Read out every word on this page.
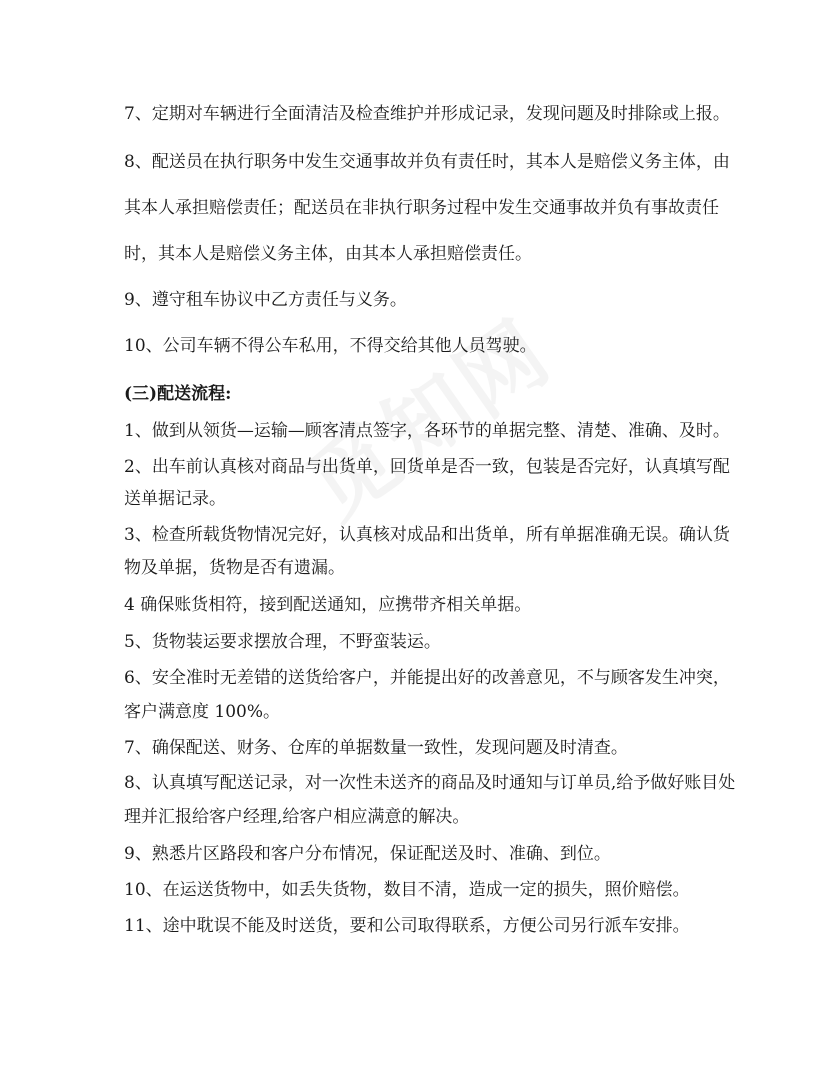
7、定期对车辆进行全面清洁及检查维护并形成记录，发现问题及时排除或上报。

8、配送员在执行职务中发生交通事故并负有责任时，其本人是赔偿义务主体，由

其本人承担赔偿责任；配送员在非执行职务过程中发生交通事故并负有事故责任

时，其本人是赔偿义务主体，由其本人承担赔偿责任。

9、遵守租车协议中乙方责任与义务。

10、公司车辆不得公车私用，不得交给其他人员驾驶。

(三)配送流程:

1、做到从领货—运输—顾客清点签字，各环节的单据完整、清楚、准确、及时。

2、出车前认真核对商品与出货单，回货单是否一致，包装是否完好，认真填写配

送单据记录。

3、检查所载货物情况完好，认真核对成品和出货单，所有单据准确无误。确认货

物及单据，货物是否有遗漏。

4 确保账货相符，接到配送通知，应携带齐相关单据。

5、货物装运要求摆放合理，不野蛮装运。

6、安全准时无差错的送货给客户，并能提出好的改善意见，不与顾客发生冲突，

客户满意度 100%。

7、确保配送、财务、仓库的单据数量一致性，发现问题及时清查。

8、认真填写配送记录，对一次性未送齐的商品及时通知与订单员,给予做好账目处

理并汇报给客户经理,给客户相应满意的解决。

9、熟悉片区路段和客户分布情况，保证配送及时、准确、到位。

10、在运送货物中，如丢失货物，数目不清，造成一定的损失，照价赔偿。

11、途中耽误不能及时送货，要和公司取得联系，方便公司另行派车安排。
